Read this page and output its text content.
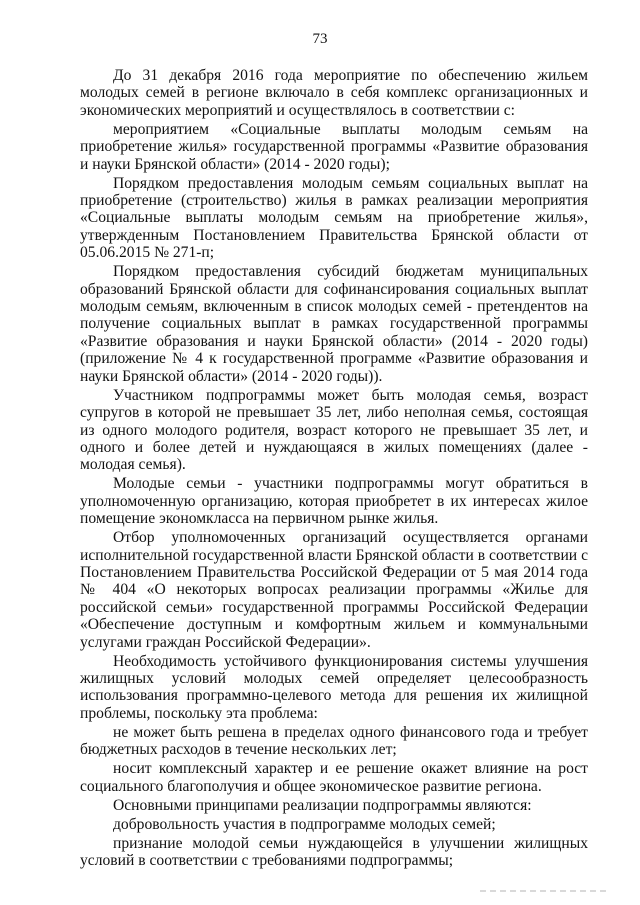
73

До 31 декабря 2016 года мероприятие по обеспечению жильем молодых семей в регионе включало в себя комплекс организационных и экономических мероприятий и осуществлялось в соответствии с:

мероприятием «Социальные выплаты молодым семьям на приобретение жилья» государственной программы «Развитие образования и науки Брянской области» (2014 - 2020 годы);

Порядком предоставления молодым семьям социальных выплат на приобретение (строительство) жилья в рамках реализации мероприятия «Социальные выплаты молодым семьям на приобретение жилья», утвержденным Постановлением Правительства Брянской области от 05.06.2015 № 271-п;

Порядком предоставления субсидий бюджетам муниципальных образований Брянской области для софинансирования социальных выплат молодым семьям, включенным в список молодых семей - претендентов на получение социальных выплат в рамках государственной программы «Развитие образования и науки Брянской области» (2014 - 2020 годы) (приложение № 4 к государственной программе «Развитие образования и науки Брянской области» (2014 - 2020 годы)).

Участником подпрограммы может быть молодая семья, возраст супругов в которой не превышает 35 лет, либо неполная семья, состоящая из одного молодого родителя, возраст которого не превышает 35 лет, и одного и более детей и нуждающаяся в жилых помещениях (далее - молодая семья).

Молодые семьи - участники подпрограммы могут обратиться в уполномоченную организацию, которая приобретет в их интересах жилое помещение экономкласса на первичном рынке жилья.

Отбор уполномоченных организаций осуществляется органами исполнительной государственной власти Брянской области в соответствии с Постановлением Правительства Российской Федерации от 5 мая 2014 года № 404 «О некоторых вопросах реализации программы «Жилье для российской семьи» государственной программы Российской Федерации «Обеспечение доступным и комфортным жильем и коммунальными услугами граждан Российской Федерации».

Необходимость устойчивого функционирования системы улучшения жилищных условий молодых семей определяет целесообразность использования программно-целевого метода для решения их жилищной проблемы, поскольку эта проблема:

не может быть решена в пределах одного финансового года и требует бюджетных расходов в течение нескольких лет;

носит комплексный характер и ее решение окажет влияние на рост социального благополучия и общее экономическое развитие региона.

Основными принципами реализации подпрограммы являются:

добровольность участия в подпрограмме молодых семей;

признание молодой семьи нуждающейся в улучшении жилищных условий в соответствии с требованиями подпрограммы;
